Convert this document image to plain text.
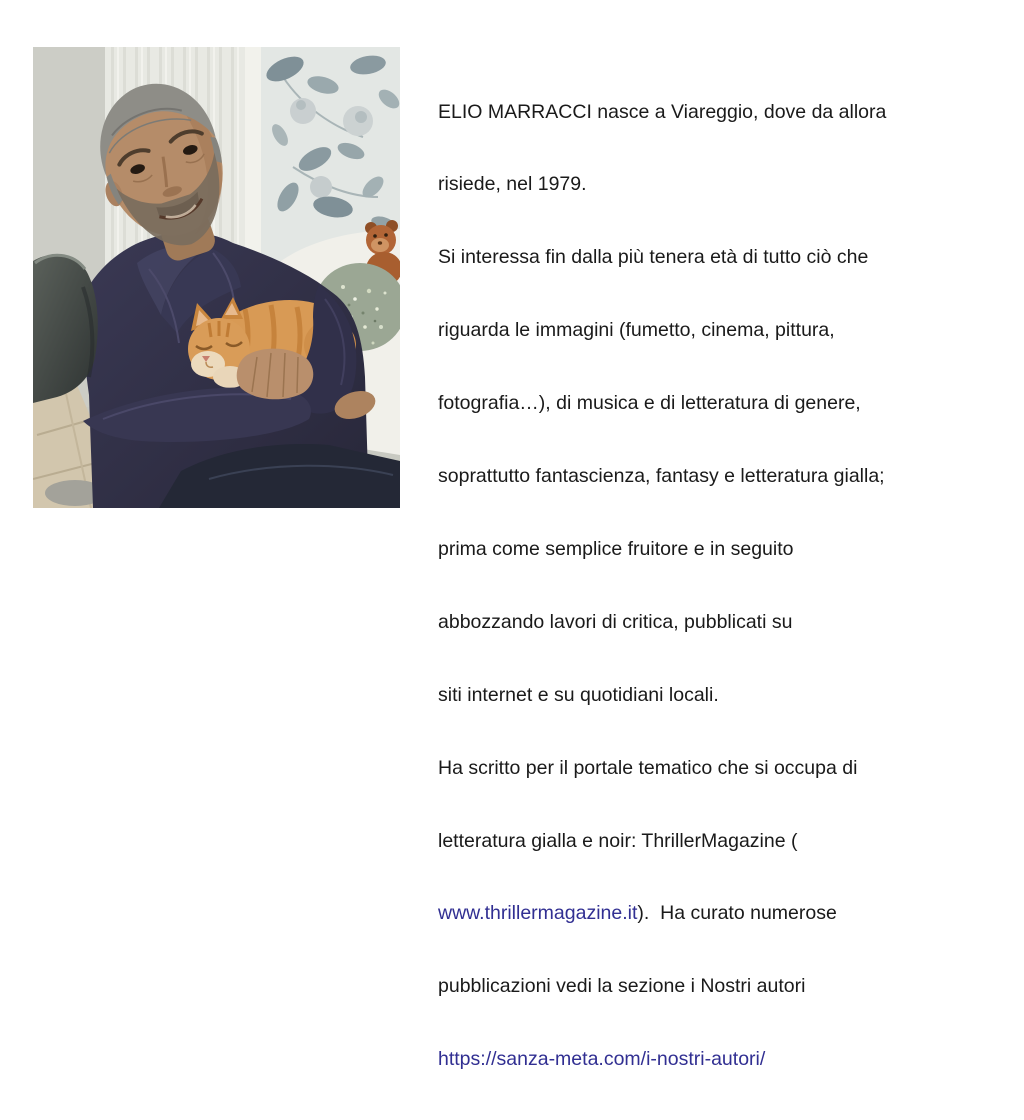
ELIO MARRACCI nasce a Viareggio, dove da allora

risiede, nel 1979.

Si interessa fin dalla più tenera età di tutto ciò che

riguarda le immagini (fumetto, cinema, pittura,

fotografia…), di musica e di letteratura di genere,

soprattutto fantascienza, fantasy e letteratura gialla;

prima come semplice fruitore e in seguito

abbozzando lavori di critica, pubblicati su

siti internet e su quotidiani locali.

Ha scritto per il portale tematico che si occupa di

letteratura gialla e noir: ThrillerMagazine (

www.thrillermagazine.it).  Ha curato numerose

pubblicazioni vedi la sezione i Nostri autori

https://sanza-meta.com/i-nostri-autori/
